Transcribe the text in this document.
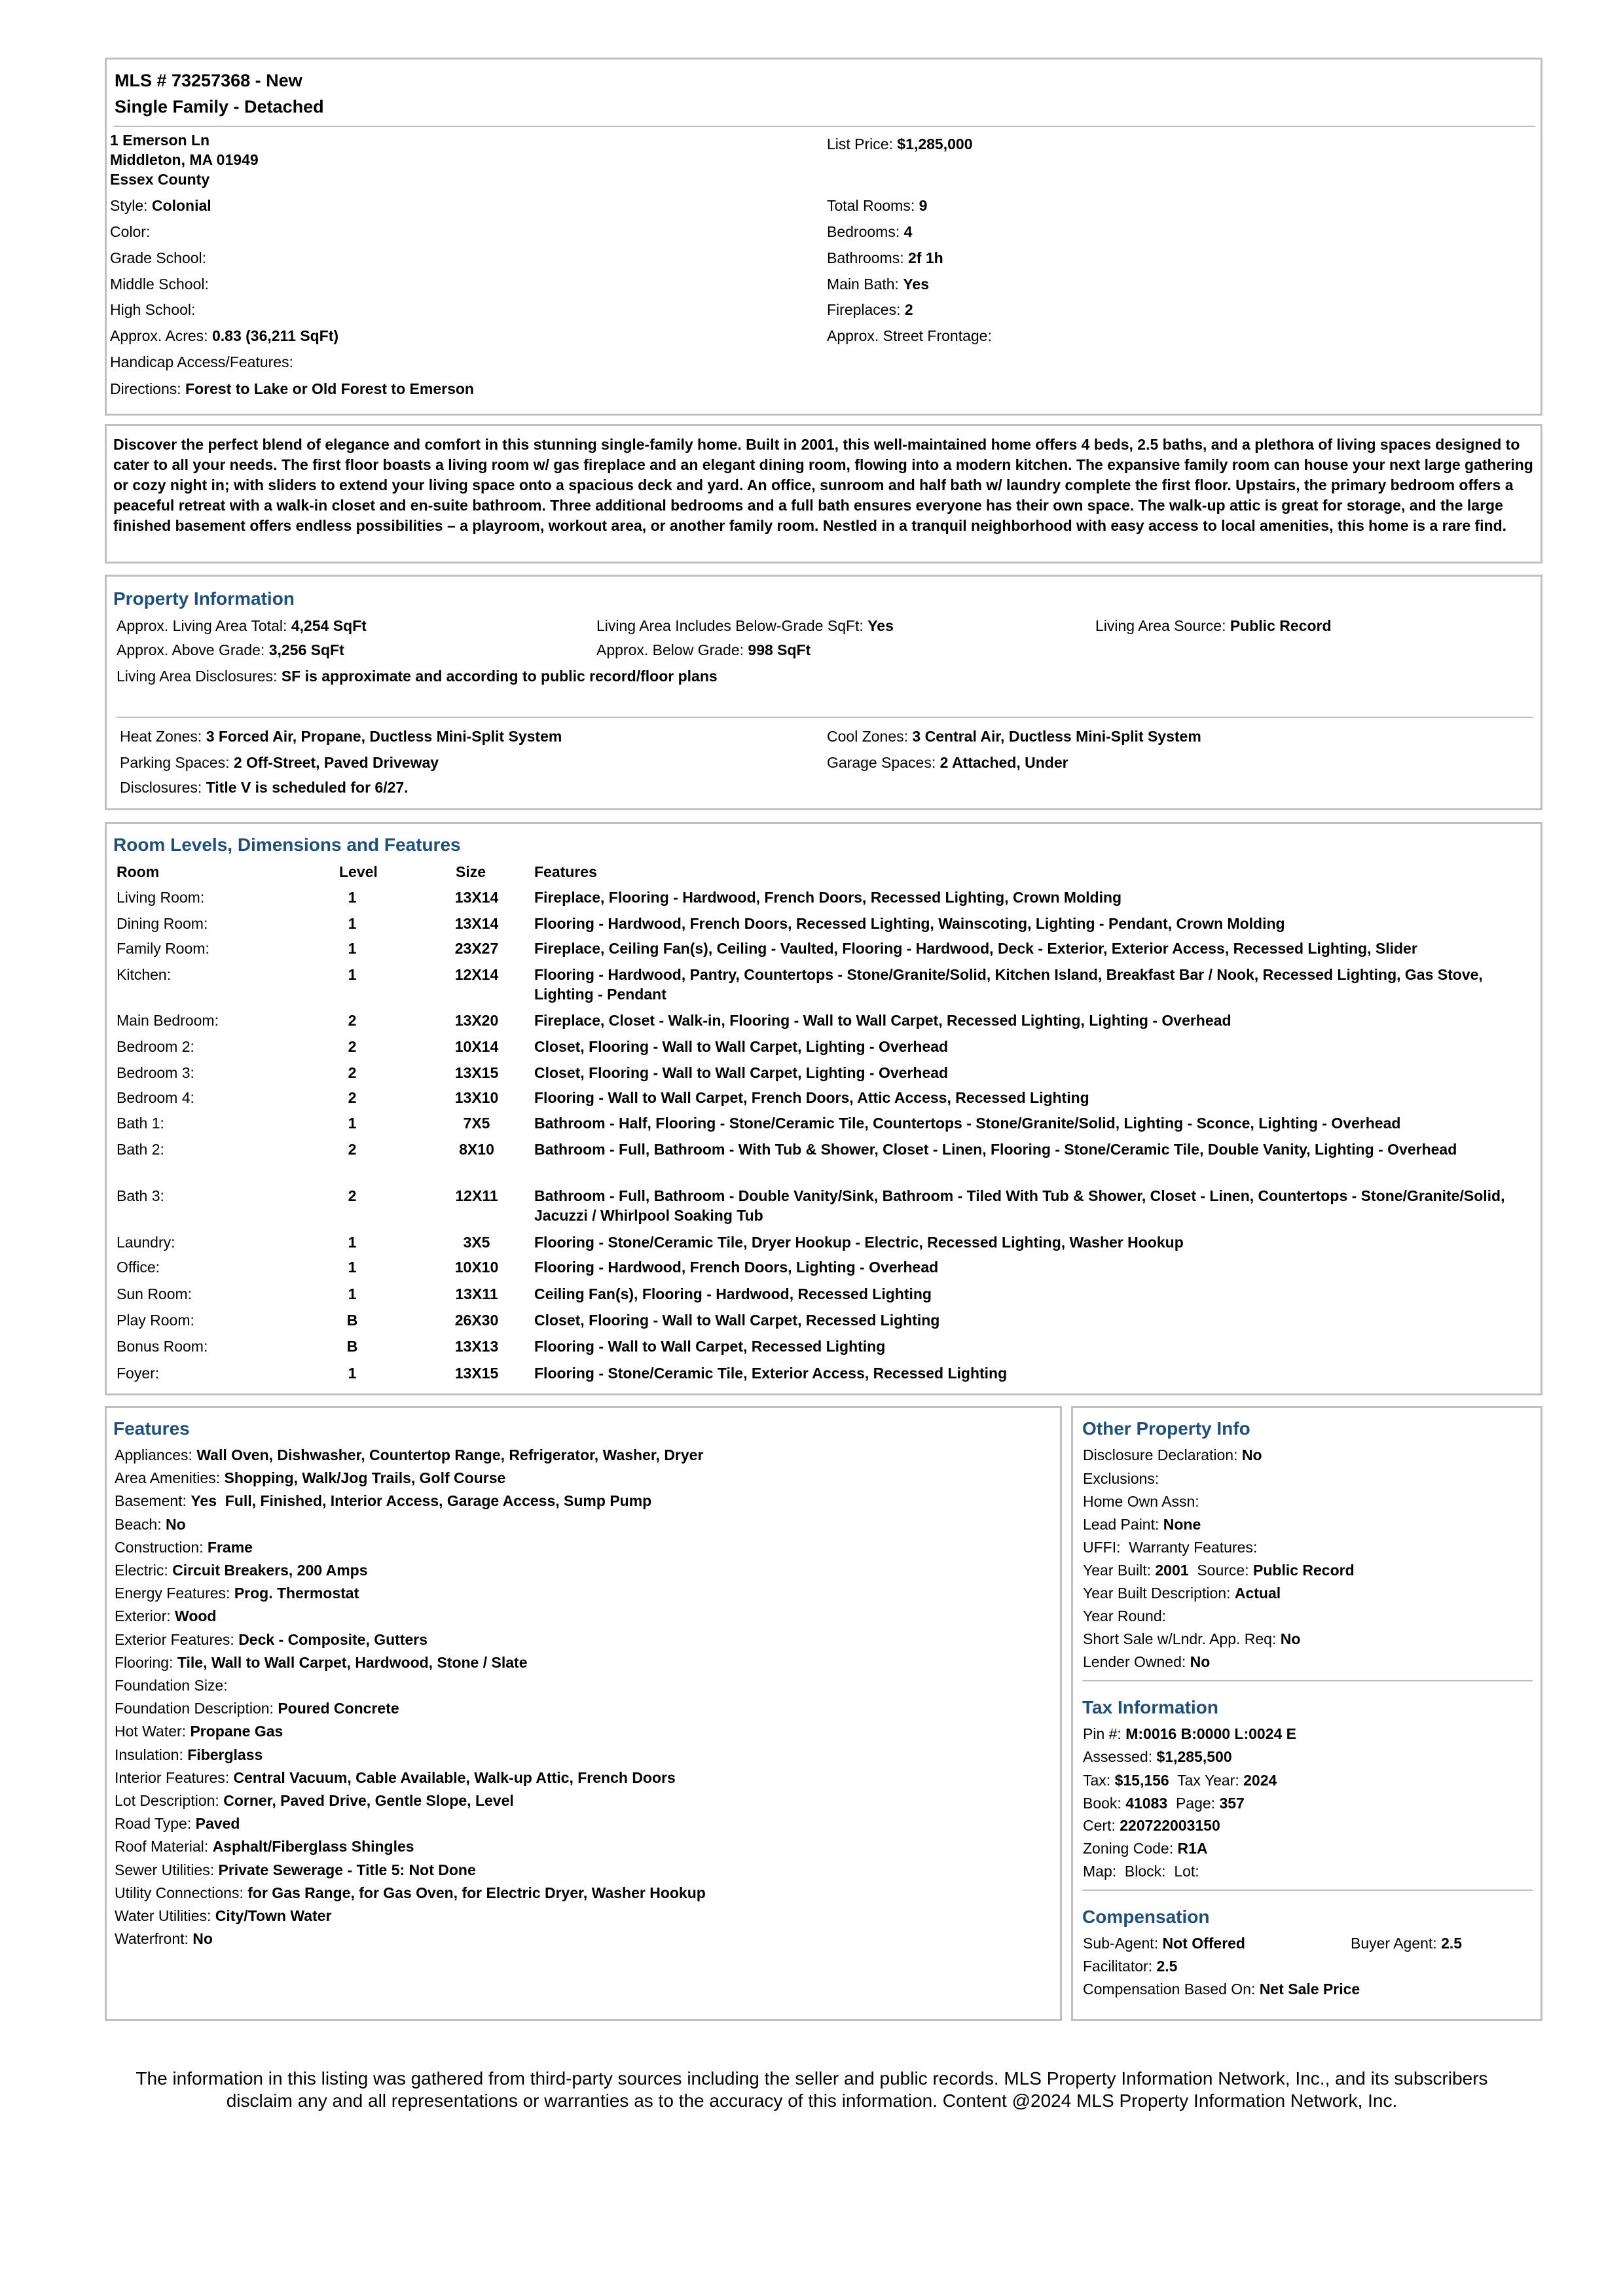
MLS # 73257368 - New
Single Family - Detached
1 Emerson Ln
Middleton, MA 01949
Essex County
List Price: $1,285,000
Style: Colonial
Color:
Grade School:
Middle School:
High School:
Approx. Acres: 0.83 (36,211 SqFt)
Handicap Access/Features:
Directions: Forest to Lake or Old Forest to Emerson
Total Rooms: 9
Bedrooms: 4
Bathrooms: 2f 1h
Main Bath: Yes
Fireplaces: 2
Approx. Street Frontage:
Discover the perfect blend of elegance and comfort in this stunning single-family home. Built in 2001, this well-maintained home offers 4 beds, 2.5 baths, and a plethora of living spaces designed to cater to all your needs. The first floor boasts a living room w/ gas fireplace and an elegant dining room, flowing into a modern kitchen. The expansive family room can house your next large gathering or cozy night in; with sliders to extend your living space onto a spacious deck and yard. An office, sunroom and half bath w/ laundry complete the first floor. Upstairs, the primary bedroom offers a peaceful retreat with a walk-in closet and en-suite bathroom. Three additional bedrooms and a full bath ensures everyone has their own space. The walk-up attic is great for storage, and the large finished basement offers endless possibilities – a playroom, workout area, or another family room. Nestled in a tranquil neighborhood with easy access to local amenities, this home is a rare find.
Property Information
Approx. Living Area Total: 4,254 SqFt	Living Area Includes Below-Grade SqFt: Yes	Living Area Source: Public Record
Approx. Above Grade: 3,256 SqFt	Approx. Below Grade: 998 SqFt
Living Area Disclosures: SF is approximate and according to public record/floor plans
Heat Zones: 3 Forced Air, Propane, Ductless Mini-Split System	Cool Zones: 3 Central Air, Ductless Mini-Split System
Parking Spaces: 2 Off-Street, Paved Driveway	Garage Spaces: 2 Attached, Under
Disclosures: Title V is scheduled for 6/27.
Room Levels, Dimensions and Features
Room	Level	Size	Features
Living Room:	1	13X14	Fireplace, Flooring - Hardwood, French Doors, Recessed Lighting, Crown Molding
Dining Room:	1	13X14	Flooring - Hardwood, French Doors, Recessed Lighting, Wainscoting, Lighting - Pendant, Crown Molding
Family Room:	1	23X27	Fireplace, Ceiling Fan(s), Ceiling - Vaulted, Flooring - Hardwood, Deck - Exterior, Exterior Access, Recessed Lighting, Slider
Kitchen:	1	12X14	Flooring - Hardwood, Pantry, Countertops - Stone/Granite/Solid, Kitchen Island, Breakfast Bar / Nook, Recessed Lighting, Gas Stove, Lighting - Pendant
Main Bedroom:	2	13X20	Fireplace, Closet - Walk-in, Flooring - Wall to Wall Carpet, Recessed Lighting, Lighting - Overhead
Bedroom 2:	2	10X14	Closet, Flooring - Wall to Wall Carpet, Lighting - Overhead
Bedroom 3:	2	13X15	Closet, Flooring - Wall to Wall Carpet, Lighting - Overhead
Bedroom 4:	2	13X10	Flooring - Wall to Wall Carpet, French Doors, Attic Access, Recessed Lighting
Bath 1:	1	7X5	Bathroom - Half, Flooring - Stone/Ceramic Tile, Countertops - Stone/Granite/Solid, Lighting - Sconce, Lighting - Overhead
Bath 2:	2	8X10	Bathroom - Full, Bathroom - With Tub & Shower, Closet - Linen, Flooring - Stone/Ceramic Tile, Double Vanity, Lighting - Overhead
Bath 3:	2	12X11	Bathroom - Full, Bathroom - Double Vanity/Sink, Bathroom - Tiled With Tub & Shower, Closet - Linen, Countertops - Stone/Granite/Solid, Jacuzzi / Whirlpool Soaking Tub
Laundry:	1	3X5	Flooring - Stone/Ceramic Tile, Dryer Hookup - Electric, Recessed Lighting, Washer Hookup
Office:	1	10X10	Flooring - Hardwood, French Doors, Lighting - Overhead
Sun Room:	1	13X11	Ceiling Fan(s), Flooring - Hardwood, Recessed Lighting
Play Room:	B	26X30	Closet, Flooring - Wall to Wall Carpet, Recessed Lighting
Bonus Room:	B	13X13	Flooring - Wall to Wall Carpet, Recessed Lighting
Foyer:	1	13X15	Flooring - Stone/Ceramic Tile, Exterior Access, Recessed Lighting
Features
Appliances: Wall Oven, Dishwasher, Countertop Range, Refrigerator, Washer, Dryer
Area Amenities: Shopping, Walk/Jog Trails, Golf Course
Basement: Yes  Full, Finished, Interior Access, Garage Access, Sump Pump
Beach: No
Construction: Frame
Electric: Circuit Breakers, 200 Amps
Energy Features: Prog. Thermostat
Exterior: Wood
Exterior Features: Deck - Composite, Gutters
Flooring: Tile, Wall to Wall Carpet, Hardwood, Stone / Slate
Foundation Size:
Foundation Description: Poured Concrete
Hot Water: Propane Gas
Insulation: Fiberglass
Interior Features: Central Vacuum, Cable Available, Walk-up Attic, French Doors
Lot Description: Corner, Paved Drive, Gentle Slope, Level
Road Type: Paved
Roof Material: Asphalt/Fiberglass Shingles
Sewer Utilities: Private Sewerage - Title 5: Not Done
Utility Connections: for Gas Range, for Gas Oven, for Electric Dryer, Washer Hookup
Water Utilities: City/Town Water
Waterfront: No
Other Property Info
Disclosure Declaration: No
Exclusions:
Home Own Assn:
Lead Paint: None
UFFI: Warranty Features:
Year Built: 2001 Source: Public Record
Year Built Description: Actual
Year Round:
Short Sale w/Lndr. App. Req: No
Lender Owned: No
Tax Information
Pin #: M:0016 B:0000 L:0024 E
Assessed: $1,285,500
Tax: $15,156 Tax Year: 2024
Book: 41083 Page: 357
Cert: 220722003150
Zoning Code: R1A
Map:  Block:  Lot:
Compensation
Sub-Agent: Not Offered	Buyer Agent: 2.5
Facilitator: 2.5
Compensation Based On: Net Sale Price
The information in this listing was gathered from third-party sources including the seller and public records. MLS Property Information Network, Inc., and its subscribers
disclaim any and all representations or warranties as to the accuracy of this information. Content @2024 MLS Property Information Network, Inc.
